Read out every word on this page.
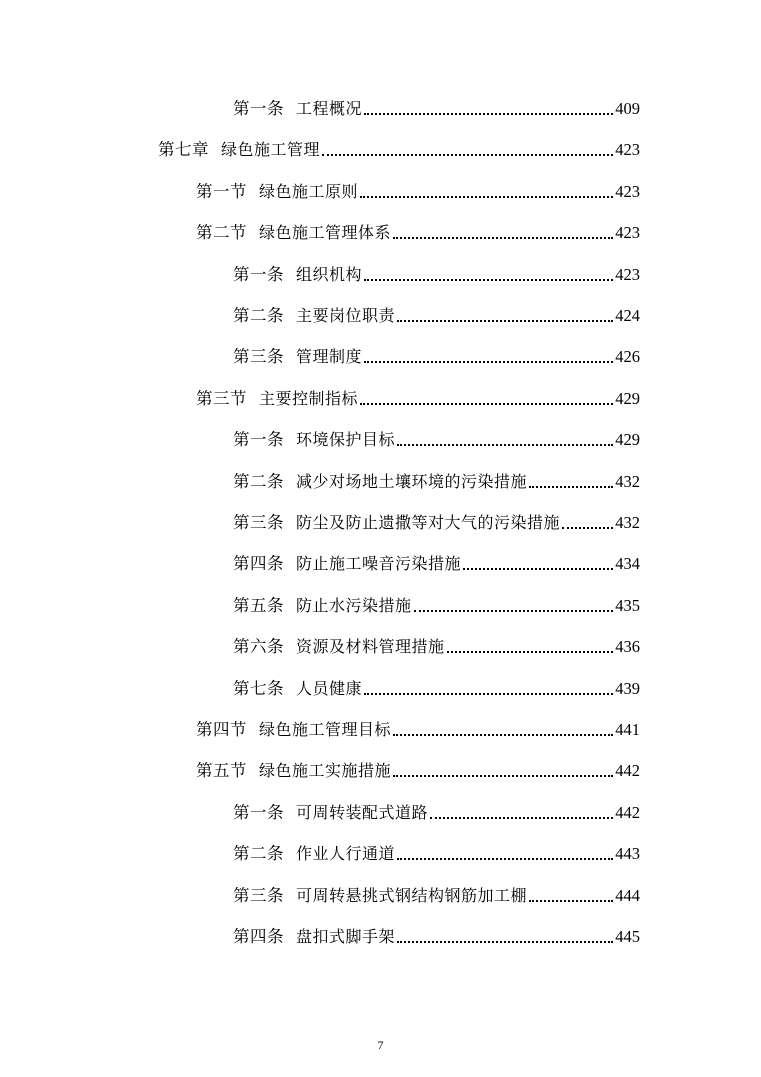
第一条 工程概况	409
第七章 绿色施工管理	423
第一节 绿色施工原则	423
第二节 绿色施工管理体系	423
第一条 组织机构	423
第二条 主要岗位职责	424
第三条 管理制度	426
第三节 主要控制指标	429
第一条 环境保护目标	429
第二条 减少对场地土壤环境的污染措施	432
第三条 防尘及防止遗撒等对大气的污染措施	432
第四条 防止施工噪音污染措施	434
第五条 防止水污染措施	435
第六条 资源及材料管理措施	436
第七条 人员健康	439
第四节 绿色施工管理目标	441
第五节 绿色施工实施措施	442
第一条 可周转装配式道路	442
第二条 作业人行通道	443
第三条 可周转悬挑式钢结构钢筋加工棚	444
第四条 盘扣式脚手架	445
7
